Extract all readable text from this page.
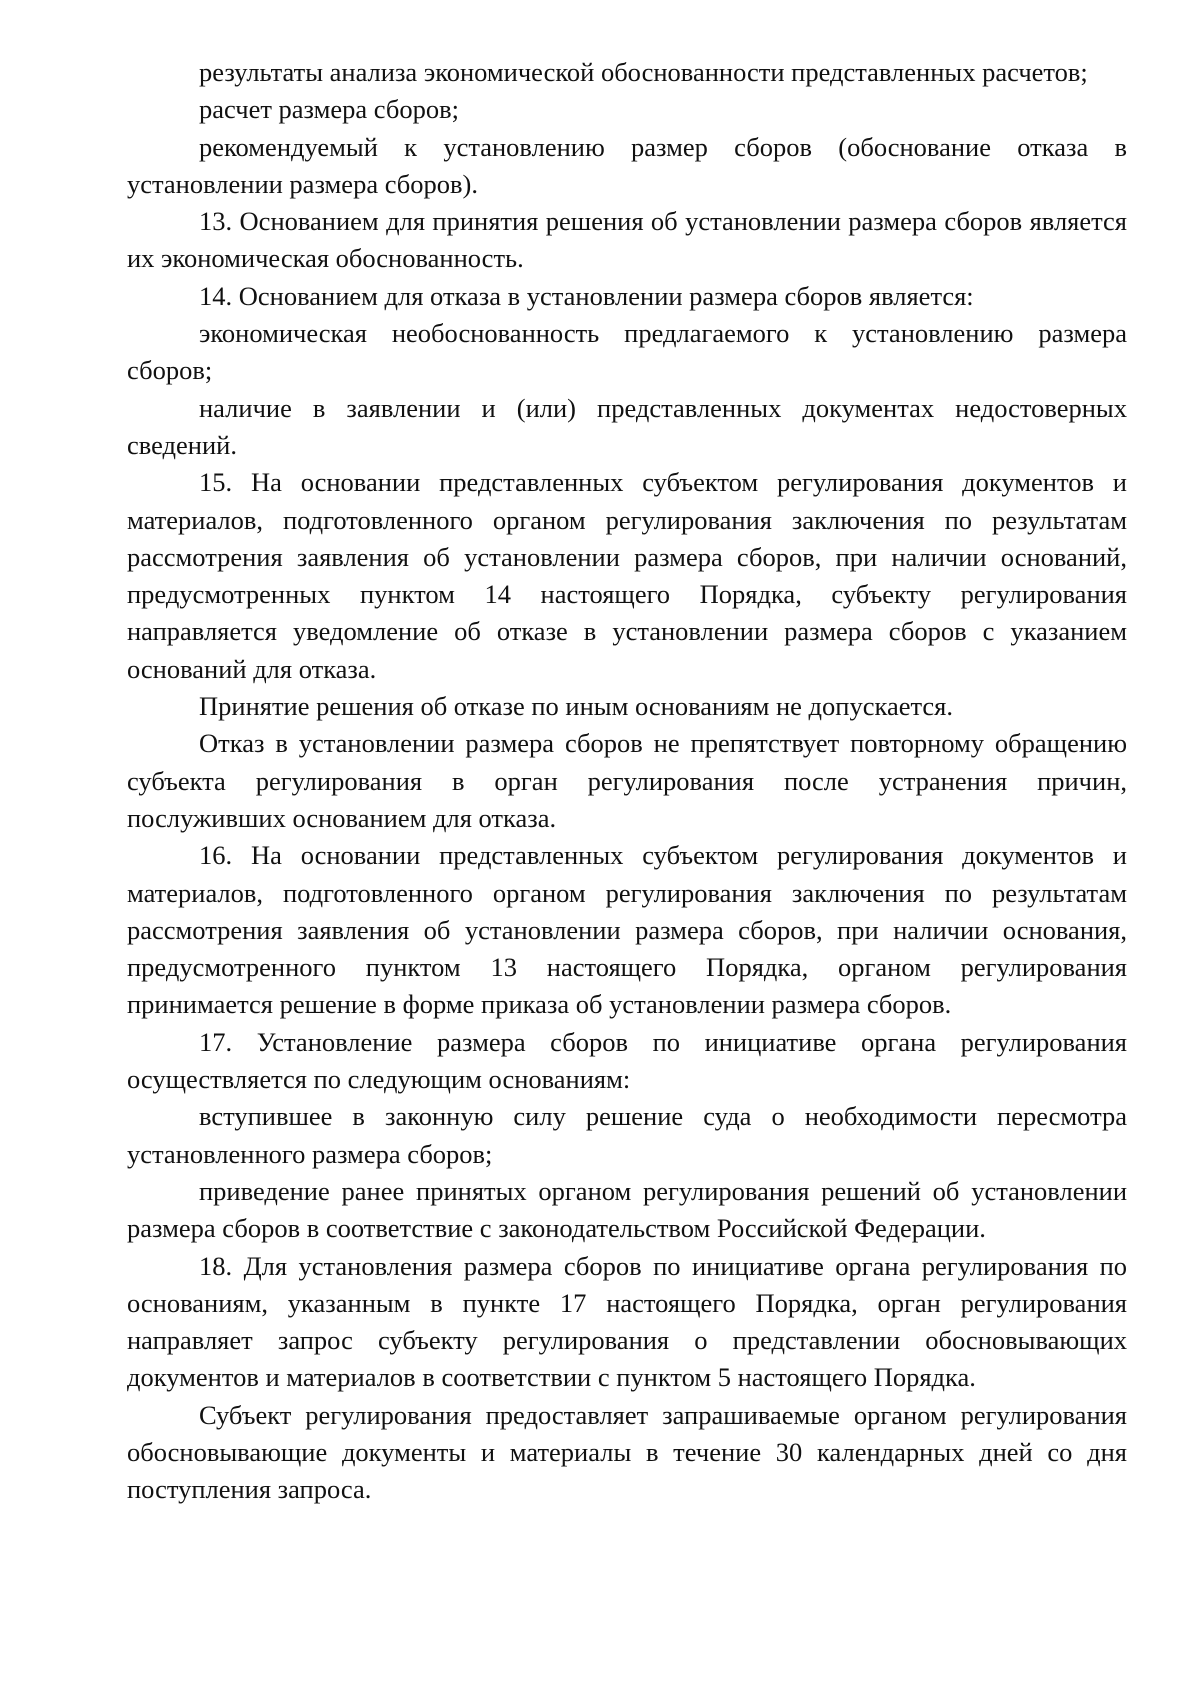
результаты анализа экономической обоснованности представленных расчетов;

расчет размера сборов;

рекомендуемый к установлению размер сборов (обоснование отказа в установлении размера сборов).

13. Основанием для принятия решения об установлении размера сборов является их экономическая обоснованность.

14. Основанием для отказа в установлении размера сборов является:

экономическая необоснованность предлагаемого к установлению размера сборов;

наличие в заявлении и (или) представленных документах недостоверных сведений.

15. На основании представленных субъектом регулирования документов и материалов, подготовленного органом регулирования заключения по результатам рассмотрения заявления об установлении размера сборов, при наличии оснований, предусмотренных пунктом 14 настоящего Порядка, субъекту регулирования направляется уведомление об отказе в установлении размера сборов с указанием оснований для отказа.

Принятие решения об отказе по иным основаниям не допускается.

Отказ в установлении размера сборов не препятствует повторному обращению субъекта регулирования в орган регулирования после устранения причин, послуживших основанием для отказа.

16. На основании представленных субъектом регулирования документов и материалов, подготовленного органом регулирования заключения по результатам рассмотрения заявления об установлении размера сборов, при наличии основания, предусмотренного пунктом 13 настоящего Порядка, органом регулирования принимается решение в форме приказа об установлении размера сборов.

17. Установление размера сборов по инициативе органа регулирования осуществляется по следующим основаниям:

вступившее в законную силу решение суда о необходимости пересмотра установленного размера сборов;

приведение ранее принятых органом регулирования решений об установлении размера сборов в соответствие с законодательством Российской Федерации.

18. Для установления размера сборов по инициативе органа регулирования по основаниям, указанным в пункте 17 настоящего Порядка, орган регулирования направляет запрос субъекту регулирования о представлении обосновывающих документов и материалов в соответствии с пунктом 5 настоящего Порядка.

Субъект регулирования предоставляет запрашиваемые органом регулирования обосновывающие документы и материалы в течение 30 календарных дней со дня поступления запроса.
